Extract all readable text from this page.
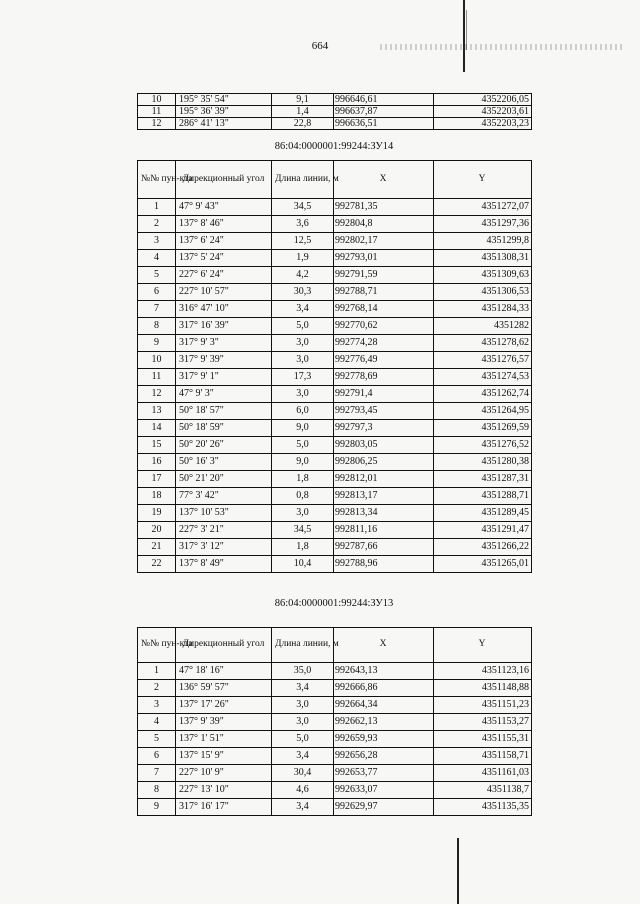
664
10	195° 35' 54"	9,1	996646,61	4352206,05
11	195° 36' 39"	1,4	996637,87	4352203,61
12	286° 41' 13"	22,8	996636,51	4352203,23
86:04:0000001:99244:ЗУ14
№№ пун-кта	Дирекционный угол	Длина линии, м	X	Y
1	47° 9' 43"	34,5	992781,35	4351272,07
2	137° 8' 46"	3,6	992804,8	4351297,36
3	137° 6' 24"	12,5	992802,17	4351299,8
4	137° 5' 24"	1,9	992793,01	4351308,31
5	227° 6' 24"	4,2	992791,59	4351309,63
6	227° 10' 57"	30,3	992788,71	4351306,53
7	316° 47' 10"	3,4	992768,14	4351284,33
8	317° 16' 39"	5,0	992770,62	4351282
9	317° 9' 3"	3,0	992774,28	4351278,62
10	317° 9' 39"	3,0	992776,49	4351276,57
11	317° 9' 1"	17,3	992778,69	4351274,53
12	47° 9' 3"	3,0	992791,4	4351262,74
13	50° 18' 57"	6,0	992793,45	4351264,95
14	50° 18' 59"	9,0	992797,3	4351269,59
15	50° 20' 26"	5,0	992803,05	4351276,52
16	50° 16' 3"	9,0	992806,25	4351280,38
17	50° 21' 20"	1,8	992812,01	4351287,31
18	77° 3' 42"	0,8	992813,17	4351288,71
19	137° 10' 53"	3,0	992813,34	4351289,45
20	227° 3' 21"	34,5	992811,16	4351291,47
21	317° 3' 12"	1,8	992787,66	4351266,22
22	137° 8' 49"	10,4	992788,96	4351265,01
86:04:0000001:99244:ЗУ13
№№ пун-кта	Дирекционный угол	Длина линии, м	X	Y
1	47° 18' 16"	35,0	992643,13	4351123,16
2	136° 59' 57"	3,4	992666,86	4351148,88
3	137° 17' 26"	3,0	992664,34	4351151,23
4	137° 9' 39"	3,0	992662,13	4351153,27
5	137° 1' 51"	5,0	992659,93	4351155,31
6	137° 15' 9"	3,4	992656,28	4351158,71
7	227° 10' 9"	30,4	992653,77	4351161,03
8	227° 13' 10"	4,6	992633,07	4351138,7
9	317° 16' 17"	3,4	992629,97	4351135,35
